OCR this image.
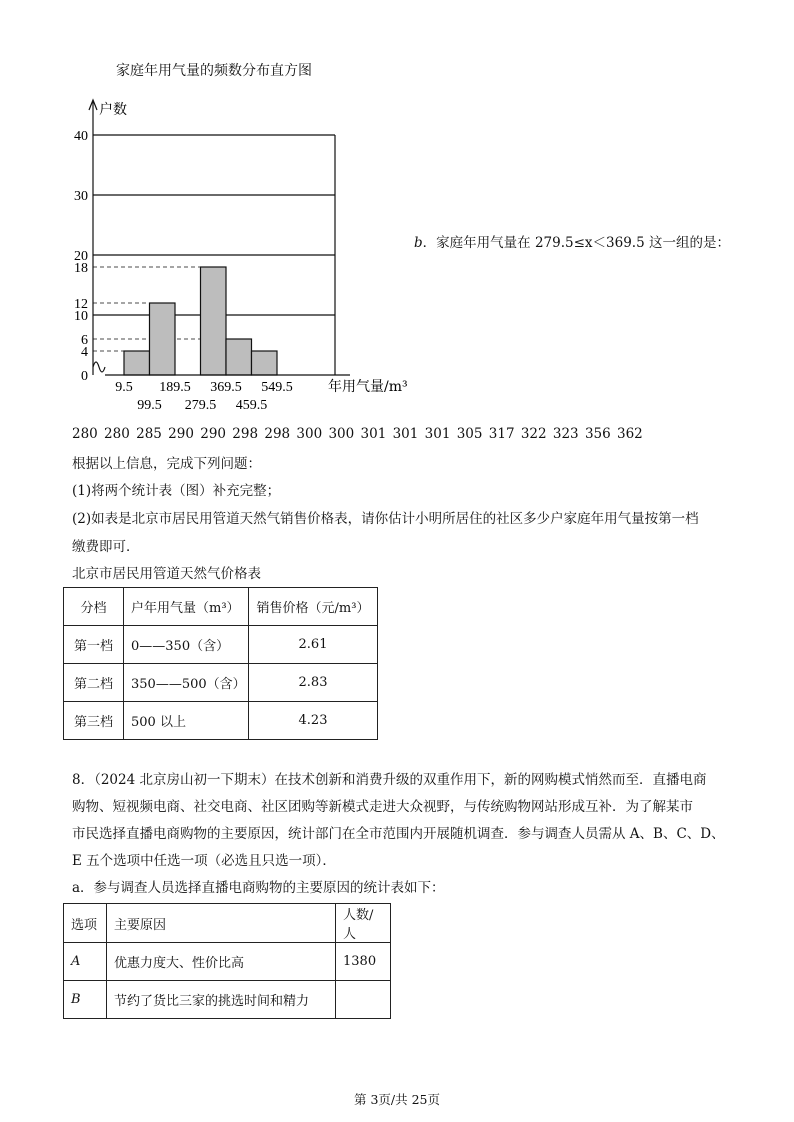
家庭年用气量的频数分布直方图
0
4
6
10
12
18
20
30
40
户数
9.5 189.5 369.5 549.5
99.5 279.5 459.5
年用气量/m³
b．家庭年用气量在 279.5≤x＜369.5 这一组的是：
280 280 285 290 290 298 298 300 300 301 301 301 305 317 322 323 356 362
根据以上信息，完成下列问题：
(1)将两个统计表（图）补充完整；
(2)如表是北京市居民用管道天然气销售价格表，请你估计小明所居住的社区多少户家庭年用气量按第一档
缴费即可．
北京市居民用管道天然气价格表
分档	户年用气量（m³）	销售价格（元/m³）
第一档	0——350（含）	2.61
第二档	350——500（含）	2.83
第三档	500 以上	4.23
8．（2024 北京房山初一下期末）在技术创新和消费升级的双重作用下，新的网购模式悄然而至．直播电商
购物、短视频电商、社交电商、社区团购等新模式走进大众视野，与传统购物网站形成互补．为了解某市
市民选择直播电商购物的主要原因，统计部门在全市范围内开展随机调查．参与调查人员需从 A、B、C、D、
E 五个选项中任选一项（必选且只选一项）．
a．参与调查人员选择直播电商购物的主要原因的统计表如下：
选项	主要原因	人数/人
A	优惠力度大、性价比高	1380
B	节约了货比三家的挑选时间和精力	
第 3页/共 25页
